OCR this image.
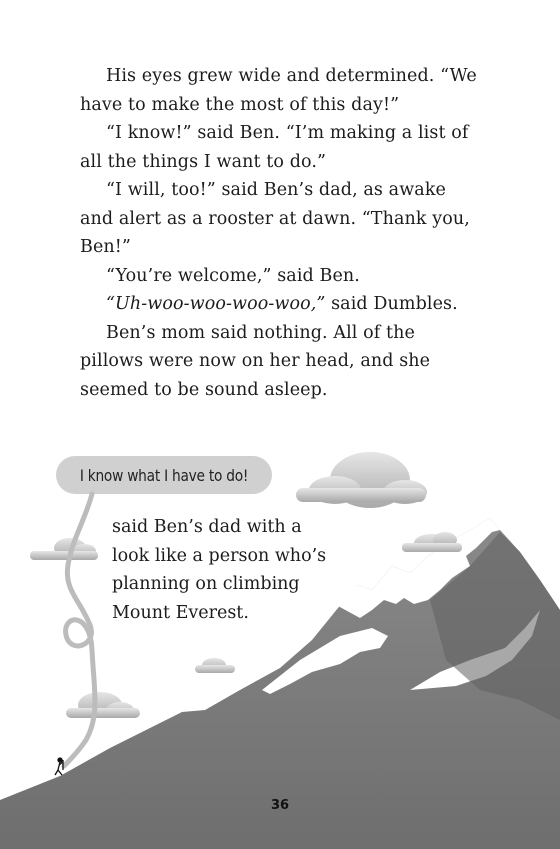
His eyes grew wide and determined. “We have to make the most of this day!”

“I know!” said Ben. “I’m making a list of all the things I want to do.”

“I will, too!” said Ben’s dad, as awake and alert as a rooster at dawn. “Thank you, Ben!”

“You’re welcome,” said Ben.

“Uh-woo-woo-woo-woo,” said Dumbles.

Ben’s mom said nothing. All of the pillows were now on her head, and she seemed to be sound asleep.

I know what I have to do!

said Ben’s dad with a look like a person who’s planning on climbing Mount Everest.

36
